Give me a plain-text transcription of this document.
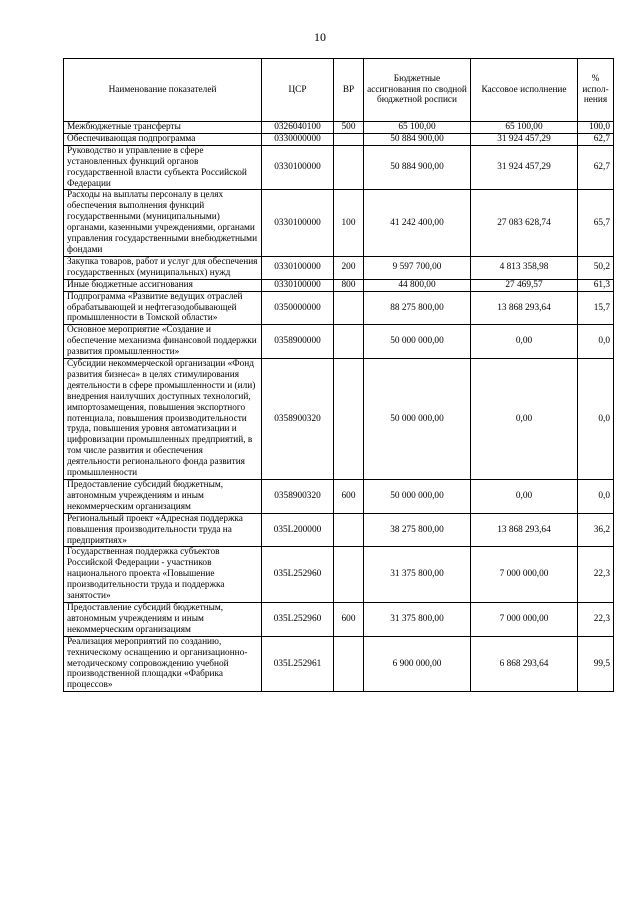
10
Наименование показателей	ЦСР	ВР	Бюджетные ассигнования по сводной бюджетной росписи	Кассовое исполнение	% испол-нения
Межбюджетные трансферты	0326040100	500	65 100,00	65 100,00	100,0
Обеспечивающая подпрограмма	0330000000		50 884 900,00	31 924 457,29	62,7
Руководство и управление в сфере установленных функций органов государственной власти субъекта Российской Федерации	0330100000		50 884 900,00	31 924 457,29	62,7
Расходы на выплаты персоналу в целях обеспечения выполнения функций государственными (муниципальными) органами, казенными учреждениями, органами управления государственными внебюджетными фондами	0330100000	100	41 242 400,00	27 083 628,74	65,7
Закупка товаров, работ и услуг для обеспечения государственных (муниципальных) нужд	0330100000	200	9 597 700,00	4 813 358,98	50,2
Иные бюджетные ассигнования	0330100000	800	44 800,00	27 469,57	61,3
Подпрограмма «Развитие ведущих отраслей обрабатывающей и нефтегазодобывающей промышленности в Томской области»	0350000000		88 275 800,00	13 868 293,64	15,7
Основное мероприятие «Создание и обеспечение механизма финансовой поддержки развития промышленности»	0358900000		50 000 000,00	0,00	0,0
Субсидии некоммерческой организации «Фонд развития бизнеса» в целях стимулирования деятельности в сфере промышленности и (или) внедрения наилучших доступных технологий, импортозамещения, повышения экспортного потенциала, повышения производительности труда, повышения уровня автоматизации и цифровизации промышленных предприятий, в том числе развития и обеспечения деятельности регионального фонда развития промышленности	0358900320		50 000 000,00	0,00	0,0
Предоставление субсидий бюджетным, автономным учреждениям и иным некоммерческим организациям	0358900320	600	50 000 000,00	0,00	0,0
Региональный проект «Адресная поддержка повышения производительности труда на предприятиях»	035L200000		38 275 800,00	13 868 293,64	36,2
Государственная поддержка субъектов Российской Федерации - участников национального проекта «Повышение производительности труда и поддержка занятости»	035L252960		31 375 800,00	7 000 000,00	22,3
Предоставление субсидий бюджетным, автономным учреждениям и иным некоммерческим организациям	035L252960	600	31 375 800,00	7 000 000,00	22,3
Реализация мероприятий по созданию, техническому оснащению и организационно-методическому сопровождению учебной производственной площадки «Фабрика процессов»	035L252961		6 900 000,00	6 868 293,64	99,5
